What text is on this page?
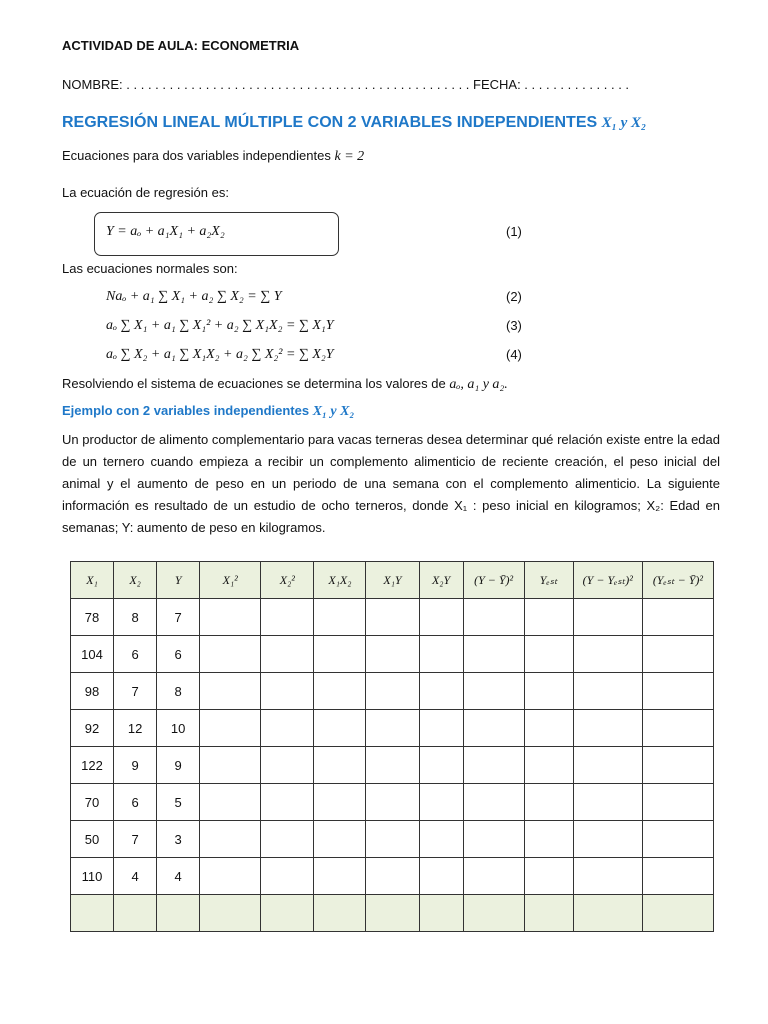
ACTIVIDAD DE AULA: ECONOMETRIA
NOMBRE: . . . . . . . . . . . . . . . . . . . . . . . . . . . . . . . . . . . . . . . . . . . . . . . . FECHA: . . . . . . . . . . . . . . .
REGRESIÓN LINEAL MÚLTIPLE CON 2 VARIABLES INDEPENDIENTES X₁ y X₂
Ecuaciones para dos variables independientes k = 2
La ecuación de regresión es:
Y = aₒ + a₁X₁ + a₂X₂	(1)
Las ecuaciones normales son:
Naₒ + a₁ ∑ X₁ + a₂ ∑ X₂ = ∑ Y	(2)
aₒ ∑ X₁ + a₁ ∑ X₁² + a₂ ∑ X₁X₂ = ∑ X₁Y	(3)
aₒ ∑ X₂ + a₁ ∑ X₁X₂ + a₂ ∑ X₂² = ∑ X₂Y	(4)
Resolviendo el sistema de ecuaciones se determina los valores de aₒ, a₁ y a₂.
Ejemplo con 2 variables independientes X₁ y X₂
Un productor de alimento complementario para vacas terneras desea determinar qué relación existe entre la edad de un ternero cuando empieza a recibir un complemento alimenticio de reciente creación, el peso inicial del animal y el aumento de peso en un periodo de una semana con el complemento alimenticio. La siguiente información es resultado de un estudio de ocho terneros, donde X₁ : peso inicial en kilogramos; X₂: Edad en semanas; Y: aumento de peso en kilogramos.
X₁	X₂	Y	X₁²	X₂²	X₁X₂	X₁Y	X₂Y	(Y − Ȳ)²	Yₑₛₜ	(Y − Yₑₛₜ)²	(Yₑₛₜ − Ȳ)²
78	8	7									
104	6	6									
98	7	8									
92	12	10									
122	9	9									
70	6	5									
50	7	3									
110	4	4									
